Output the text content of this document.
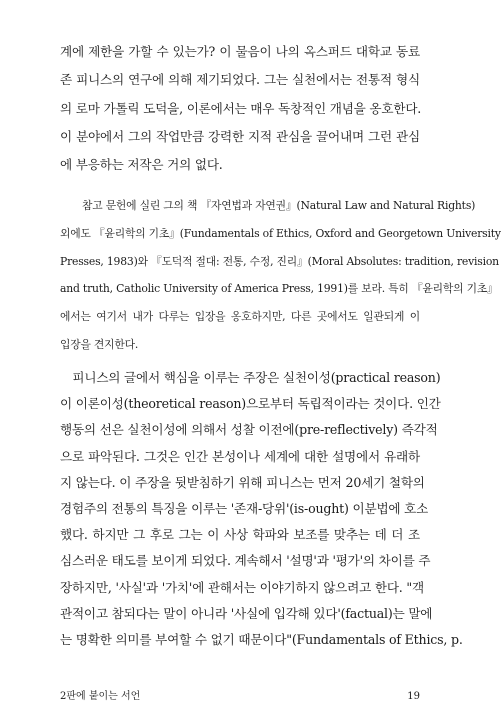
계에 제한을 가할 수 있는가? 이 물음이 나의 옥스퍼드 대학교 동료
존 피니스의 연구에 의해 제기되었다. 그는 실천에서는 전통적 형식
의 로마 가톨릭 도덕을, 이론에서는 매우 독창적인 개념을 옹호한다.
이 분야에서 그의 작업만큼 강력한 지적 관심을 끌어내며 그런 관심
에 부응하는 저작은 거의 없다.
참고 문헌에 실린 그의 책 『자연법과 자연권』(Natural Law and Natural Rights)
외에도 『윤리학의 기초』(Fundamentals of Ethics, Oxford and Georgetown University
Presses, 1983)와 『도덕적 절대: 전통, 수정, 진리』(Moral Absolutes: tradition, revision
and truth, Catholic University of America Press, 1991)를 보라. 특히 『윤리학의 기초』
에서는 여기서 내가 다루는 입장을 옹호하지만, 다른 곳에서도 일관되게 이
입장을 견지한다.
　피니스의 글에서 핵심을 이루는 주장은 실천이성(practical reason)
이 이론이성(theoretical reason)으로부터 독립적이라는 것이다. 인간
행동의 선은 실천이성에 의해서 성찰 이전에(pre-reflectively) 즉각적
으로 파악된다. 그것은 인간 본성이나 세계에 대한 설명에서 유래하
지 않는다. 이 주장을 뒷받침하기 위해 피니스는 먼저 20세기 철학의
경험주의 전통의 특징을 이루는 '존재-당위'(is-ought) 이분법에 호소
했다. 하지만 그 후로 그는 이 사상 학파와 보조를 맞추는 데 더 조
심스러운 태도를 보이게 되었다. 계속해서 '설명'과 '평가'의 차이를 주
장하지만, '사실'과 '가치'에 관해서는 이야기하지 않으려고 한다. "객
관적이고 참되다는 말이 아니라 '사실에 입각해 있다'(factual)는 말에
는 명확한 의미를 부여할 수 없기 때문이다"(Fundamentals of Ethics, p.
2판에 붙이는 서언	19
